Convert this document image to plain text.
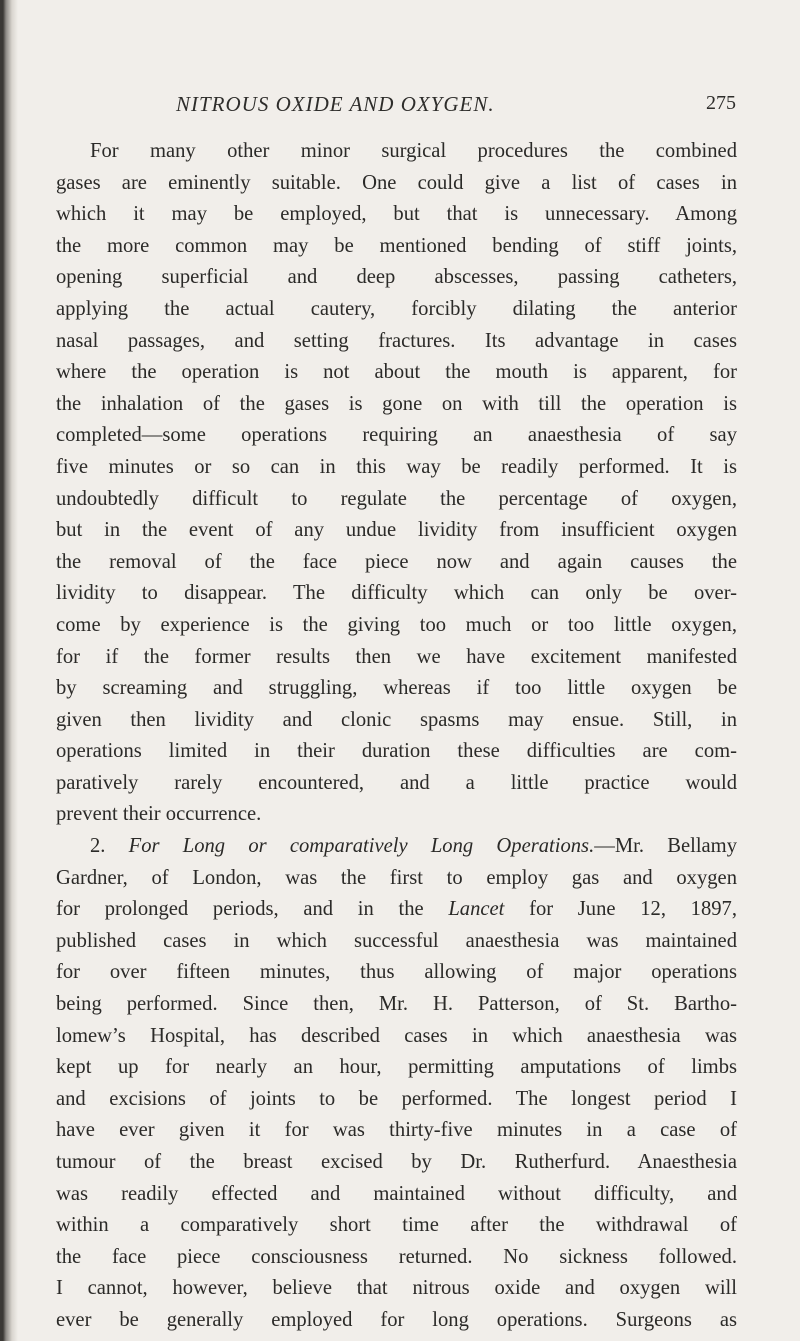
NITROUS OXIDE AND OXYGEN.	275
For many other minor surgical procedures the combined
gases are eminently suitable. One could give a list of cases in
which it may be employed, but that is unnecessary. Among
the more common may be mentioned bending of stiff joints,
opening superficial and deep abscesses, passing catheters,
applying the actual cautery, forcibly dilating the anterior
nasal passages, and setting fractures. Its advantage in cases
where the operation is not about the mouth is apparent, for
the inhalation of the gases is gone on with till the operation is
completed—some operations requiring an anaesthesia of say
five minutes or so can in this way be readily performed. It is
undoubtedly difficult to regulate the percentage of oxygen,
but in the event of any undue lividity from insufficient oxygen
the removal of the face piece now and again causes the
lividity to disappear. The difficulty which can only be over-
come by experience is the giving too much or too little oxygen,
for if the former results then we have excitement manifested
by screaming and struggling, whereas if too little oxygen be
given then lividity and clonic spasms may ensue. Still, in
operations limited in their duration these difficulties are com-
paratively rarely encountered, and a little practice would
prevent their occurrence.
2. For Long or comparatively Long Operations.—Mr. Bellamy
Gardner, of London, was the first to employ gas and oxygen
for prolonged periods, and in the Lancet for June 12, 1897,
published cases in which successful anaesthesia was maintained
for over fifteen minutes, thus allowing of major operations
being performed. Since then, Mr. H. Patterson, of St. Bartho-
lomew’s Hospital, has described cases in which anaesthesia was
kept up for nearly an hour, permitting amputations of limbs
and excisions of joints to be performed. The longest period I
have ever given it for was thirty-five minutes in a case of
tumour of the breast excised by Dr. Rutherfurd. Anaesthesia
was readily effected and maintained without difficulty, and
within a comparatively short time after the withdrawal of
the face piece consciousness returned. No sickness followed.
I cannot, however, believe that nitrous oxide and oxygen will
ever be generally employed for long operations. Surgeons as
